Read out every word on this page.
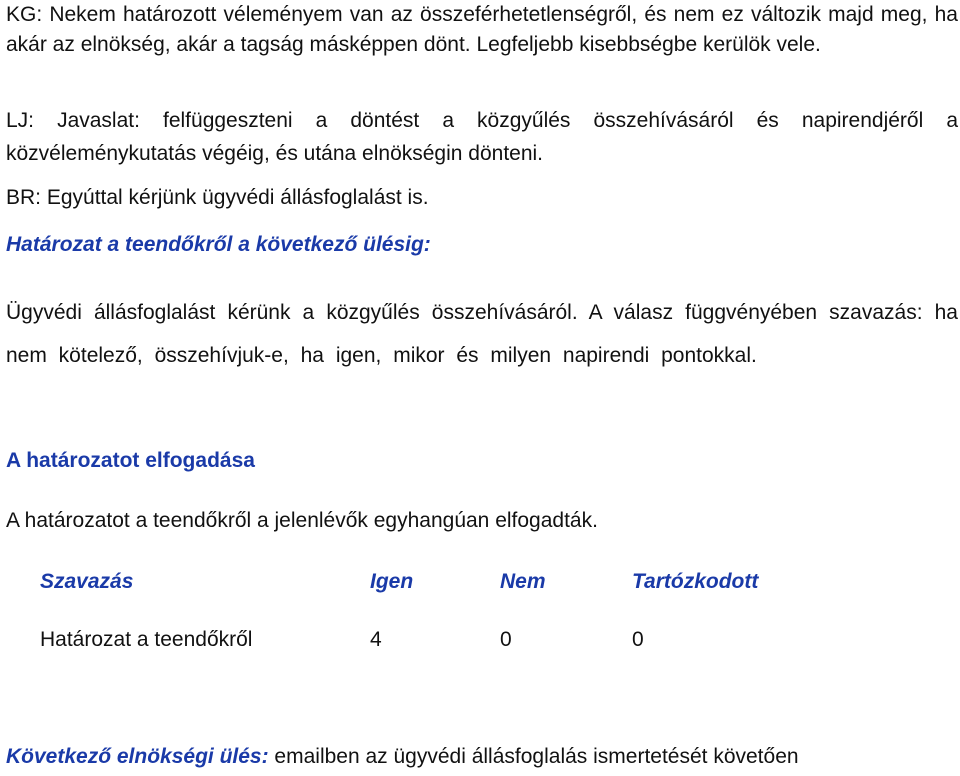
KG: Nekem határozott véleményem van az összeférhetetlenségről, és nem ez változik majd meg, ha akár az elnökség, akár a tagság másképpen dönt. Legfeljebb kisebbségbe kerülök vele.

LJ: Javaslat: felfüggeszteni a döntést a közgyűlés összehívásáról és napirendjéről a közvéleménykutatás végéig, és utána elnökségin dönteni.

BR: Egyúttal kérjünk ügyvédi állásfoglalást is.

Határozat a teendőkről a következő ülésig:

Ügyvédi állásfoglalást kérünk a közgyűlés összehívásáról. A válasz függvényében szavazás: ha nem kötelező, összehívjuk-e, ha igen, mikor és milyen napirendi pontokkal.

A határozatot elfogadása

A határozatot a teendőkről a jelenlévők egyhangúan elfogadták.

Szavazás	Igen	Nem	Tartózkodott
Határozat a teendőkről	4	0	0

Következő elnökségi ülés: emailben az ügyvédi állásfoglalás ismertetését követően
